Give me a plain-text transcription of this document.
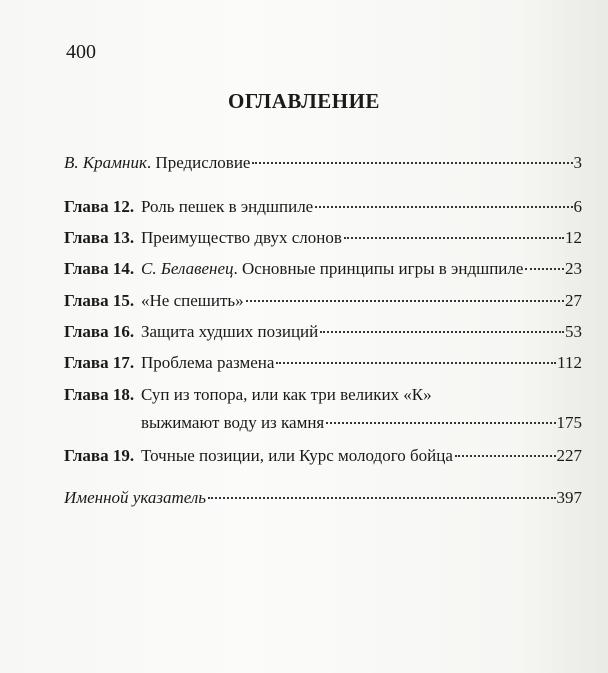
400
ОГЛАВЛЕНИЕ
В. Крамник. Предисловие	3
Глава 12. Роль пешек в эндшпиле	6
Глава 13. Преимущество двух слонов	12
Глава 14. С. Белавенец. Основные принципы игры в эндшпиле 23
Глава 15. «Не спешить»	27
Глава 16. Защита худших позиций	53
Глава 17. Проблема размена	112
Глава 18. Суп из топора, или как три великих «К»
выжимают воду из камня	175
Глава 19. Точные позиции, или Курс молодого бойца	227
Именной указатель	397
